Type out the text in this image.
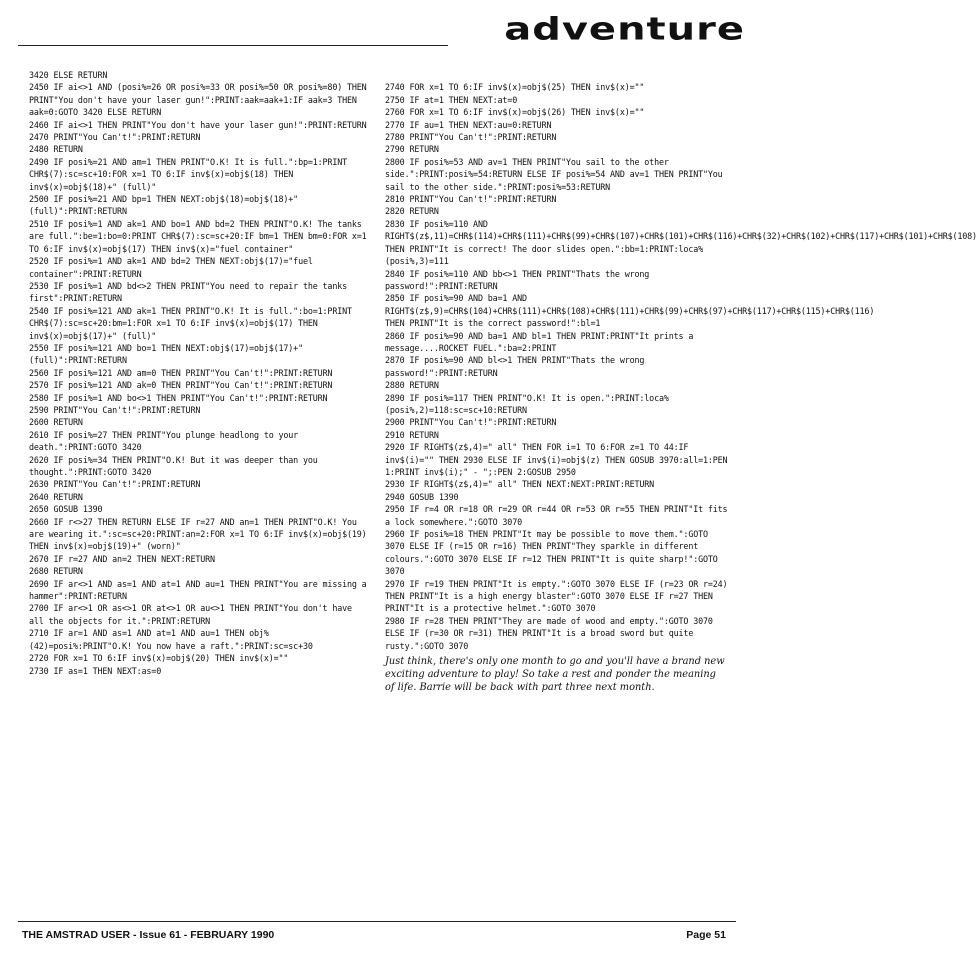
adventure
3420 ELSE RETURN
2450 IF ai<>1 AND (posi%=26 OR posi%=33 OR posi%=50 OR posi%=80) THEN PRINT"You don't have your laser gun!":PRINT:aak=aak+1:IF aak=3 THEN aak=0:GOTO 3420 ELSE RETURN
2460 IF ai<>1 THEN PRINT"You don't have your laser gun!":PRINT:RETURN
2470 PRINT"You Can't!":PRINT:RETURN
2480 RETURN
2490 IF posi%=21 AND am=1 THEN PRINT"O.K! It is full.":bp=1:PRINT CHR$(7):sc=sc+10:FOR x=1 TO 6:IF inv$(x)=obj$(18) THEN inv$(x)=obj$(18)+" (full)"
2500 IF posi%=21 AND bp=1 THEN NEXT:obj$(18)=obj$(18)+" (full)":PRINT:RETURN
2510 IF posi%=1 AND ak=1 AND bo=1 AND bd=2 THEN PRINT"O.K! The tanks are full.":be=1:bo=0:PRINT CHR$(7):sc=sc+20:IF bm=1 THEN bm=0:FOR x=1 TO 6:IF inv$(x)=obj$(17) THEN inv$(x)="fuel container"
2520 IF posi%=1 AND ak=1 AND bd=2 THEN NEXT:obj$(17)="fuel container":PRINT:RETURN
2530 IF posi%=1 AND bd<>2 THEN PRINT"You need to repair the tanks first":PRINT:RETURN
2540 IF posi%=121 AND ak=1 THEN PRINT"O.K! It is full.":bo=1:PRINT CHR$(7):sc=sc+20:bm=1:FOR x=1 TO 6:IF inv$(x)=obj$(17) THEN inv$(x)=obj$(17)+" (full)"
2550 IF posi%=121 AND bo=1 THEN NEXT:obj$(17)=obj$(17)+" (full)":PRINT:RETURN
2560 IF posi%=121 AND am=0 THEN PRINT"You Can't!":PRINT:RETURN
2570 IF posi%=121 AND ak=0 THEN PRINT"You Can't!":PRINT:RETURN
2580 IF posi%=1 AND bo<>1 THEN PRINT"You Can't!":PRINT:RETURN
2590 PRINT"You Can't!":PRINT:RETURN
2600 RETURN
2610 IF posi%=27 THEN PRINT"You plunge headlong to your death.":PRINT:GOTO 3420
2620 IF posi%=34 THEN PRINT"O.K! But it was deeper than you thought.":PRINT:GOTO 3420
2630 PRINT"You Can't!":PRINT:RETURN
2640 RETURN
2650 GOSUB 1390
2660 IF r<>27 THEN RETURN ELSE IF r=27 AND an=1 THEN PRINT"O.K! You are wearing it.":sc=sc+20:PRINT:an=2:FOR x=1 TO 6:IF inv$(x)=obj$(19) THEN inv$(x)=obj$(19)+" (worn)"
2670 IF r=27 AND an=2 THEN NEXT:RETURN
2680 RETURN
2690 IF ar<>1 AND as=1 AND at=1 AND au=1 THEN PRINT"You are missing a hammer":PRINT:RETURN
2700 IF ar<>1 OR as<>1 OR at<>1 OR au<>1 THEN PRINT"You don't have all the objects for it.":PRINT:RETURN
2710 IF ar=1 AND as=1 AND at=1 AND au=1 THEN obj%(42)=posi%:PRINT"O.K! You now have a raft.":PRINT:sc=sc+30
2720 FOR x=1 TO 6:IF inv$(x)=obj$(20) THEN inv$(x)=""
2730 IF as=1 THEN NEXT:as=0

2740 FOR x=1 TO 6:IF inv$(x)=obj$(25) THEN inv$(x)=""
2750 IF at=1 THEN NEXT:at=0
2760 FOR x=1 TO 6:IF inv$(x)=obj$(26) THEN inv$(x)=""
2770 IF au=1 THEN NEXT:au=0:RETURN
2780 PRINT"You Can't!":PRINT:RETURN
2790 RETURN
2800 IF posi%=53 AND av=1 THEN PRINT"You sail to the other side.":PRINT:posi%=54:RETURN ELSE IF posi%=54 AND av=1 THEN PRINT"You sail to the other side.":PRINT:posi%=53:RETURN
2810 PRINT"You Can't!":PRINT:RETURN
2820 RETURN
2830 IF posi%=110 AND RIGHT$(z$,11)=CHR$(114)+CHR$(111)+CHR$(99)+CHR$(107)+CHR$(101)+CHR$(116)+CHR$(32)+CHR$(102)+CHR$(117)+CHR$(101)+CHR$(108) THEN PRINT"It is correct! The door slides open.":bb=1:PRINT:loca%(posi%,3)=111
2840 IF posi%=110 AND bb<>1 THEN PRINT"Thats the wrong password!":PRINT:RETURN
2850 IF posi%=90 AND ba=1 AND RIGHT$(z$,9)=CHR$(104)+CHR$(111)+CHR$(108)+CHR$(111)+CHR$(99)+CHR$(97)+CHR$(117)+CHR$(115)+CHR$(116) THEN PRINT"It is the correct password!":bl=1
2860 IF posi%=90 AND ba=1 AND bl=1 THEN PRINT:PRINT"It prints a message....ROCKET FUEL.":ba=2:PRINT
2870 IF posi%=90 AND bl<>1 THEN PRINT"Thats the wrong password!":PRINT:RETURN
2880 RETURN
2890 IF posi%=117 THEN PRINT"O.K! It is open.":PRINT:loca%(posi%,2)=118:sc=sc+10:RETURN
2900 PRINT"You Can't!":PRINT:RETURN
2910 RETURN
2920 IF RIGHT$(z$,4)=" all" THEN FOR i=1 TO 6:FOR z=1 TO 44:IF inv$(i)="" THEN 2930 ELSE IF inv$(i)=obj$(z) THEN GOSUB 3970:all=1:PEN 1:PRINT inv$(i);" - ";:PEN 2:GOSUB 2950
2930 IF RIGHT$(z$,4)=" all" THEN NEXT:NEXT:PRINT:RETURN
2940 GOSUB 1390
2950 IF r=4 OR r=18 OR r=29 OR r=44 OR r=53 OR r=55 THEN PRINT"It fits a lock somewhere.":GOTO 3070
2960 IF posi%=18 THEN PRINT"It may be possible to move them.":GOTO 3070 ELSE IF (r=15 OR r=16) THEN PRINT"They sparkle in different colours.":GOTO 3070 ELSE IF r=12 THEN PRINT"It is quite sharp!":GOTO 3070
2970 IF r=19 THEN PRINT"It is empty.":GOTO 3070 ELSE IF (r=23 OR r=24) THEN PRINT"It is a high energy blaster":GOTO 3070 ELSE IF r=27 THEN PRINT"It is a protective helmet.":GOTO 3070
2980 IF r=28 THEN PRINT"They are made of wood and empty.":GOTO 3070 ELSE IF (r=30 OR r=31) THEN PRINT"It is a broad sword but quite rusty.":GOTO 3070
Just think, there's only one month to go and you'll have a brand new exciting adventure to play! So take a rest and ponder the meaning of life. Barrie will be back with part three next month.
THE AMSTRAD USER - Issue 61 - FEBRUARY 1990	Page 51
